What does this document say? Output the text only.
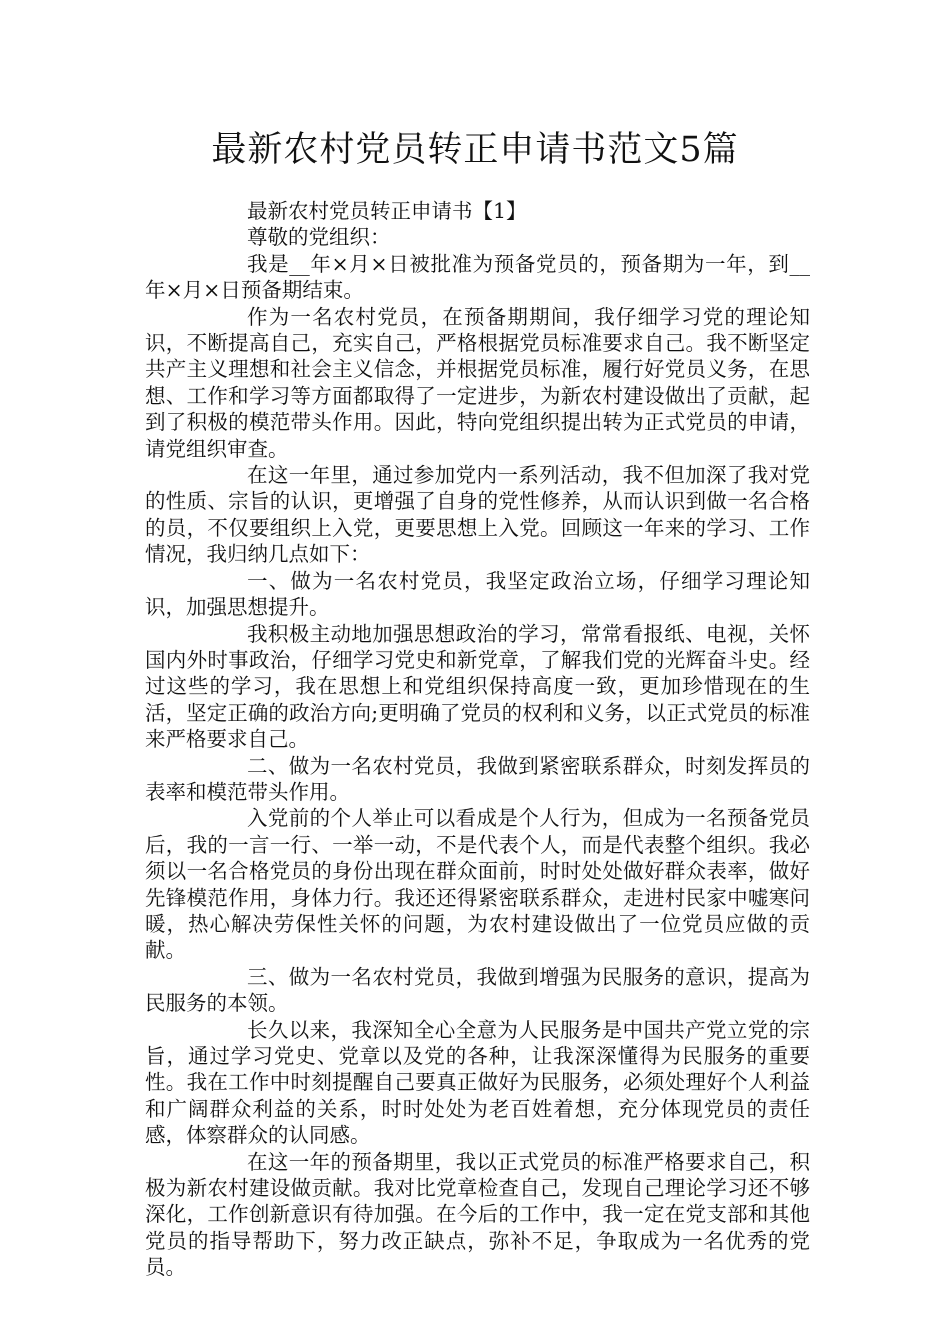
最新农村党员转正申请书范文5篇

最新农村党员转正申请书【1】

尊敬的党组织：

我是__年×月×日被批准为预备党员的，预备期为一年，到__年×月×日预备期结束。

作为一名农村党员，在预备期期间，我仔细学习党的理论知识，不断提高自己，充实自己，严格根据党员标准要求自己。我不断坚定共产主义理想和社会主义信念，并根据党员标准，履行好党员义务，在思想、工作和学习等方面都取得了一定进步，为新农村建设做出了贡献，起到了积极的模范带头作用。因此，特向党组织提出转为正式党员的申请，请党组织审查。

在这一年里，通过参加党内一系列活动，我不但加深了我对党的性质、宗旨的认识，更增强了自身的党性修养，从而认识到做一名合格的员，不仅要组织上入党，更要思想上入党。回顾这一年来的学习、工作情况，我归纳几点如下：

一、做为一名农村党员，我坚定政治立场，仔细学习理论知识，加强思想提升。

我积极主动地加强思想政治的学习，常常看报纸、电视，关怀国内外时事政治，仔细学习党史和新党章，了解我们党的光辉奋斗史。经过这些的学习，我在思想上和党组织保持高度一致，更加珍惜现在的生活，坚定正确的政治方向;更明确了党员的权利和义务，以正式党员的标准来严格要求自己。

二、做为一名农村党员，我做到紧密联系群众，时刻发挥员的表率和模范带头作用。

入党前的个人举止可以看成是个人行为，但成为一名预备党员后，我的一言一行、一举一动，不是代表个人，而是代表整个组织。我必须以一名合格党员的身份出现在群众面前，时时处处做好群众表率，做好先锋模范作用，身体力行。我还还得紧密联系群众，走进村民家中嘘寒问暖，热心解决劳保性关怀的问题，为农村建设做出了一位党员应做的贡献。

三、做为一名农村党员，我做到增强为民服务的意识，提高为民服务的本领。

长久以来，我深知全心全意为人民服务是中国共产党立党的宗旨，通过学习党史、党章以及党的各种，让我深深懂得为民服务的重要性。我在工作中时刻提醒自己要真正做好为民服务，必须处理好个人利益和广阔群众利益的关系，时时处处为老百姓着想，充分体现党员的责任感，体察群众的认同感。

在这一年的预备期里，我以正式党员的标准严格要求自己，积极为新农村建设做贡献。我对比党章检查自己，发现自己理论学习还不够深化，工作创新意识有待加强。在今后的工作中，我一定在党支部和其他党员的指导帮助下，努力改正缺点，弥补不足，争取成为一名优秀的党员。
